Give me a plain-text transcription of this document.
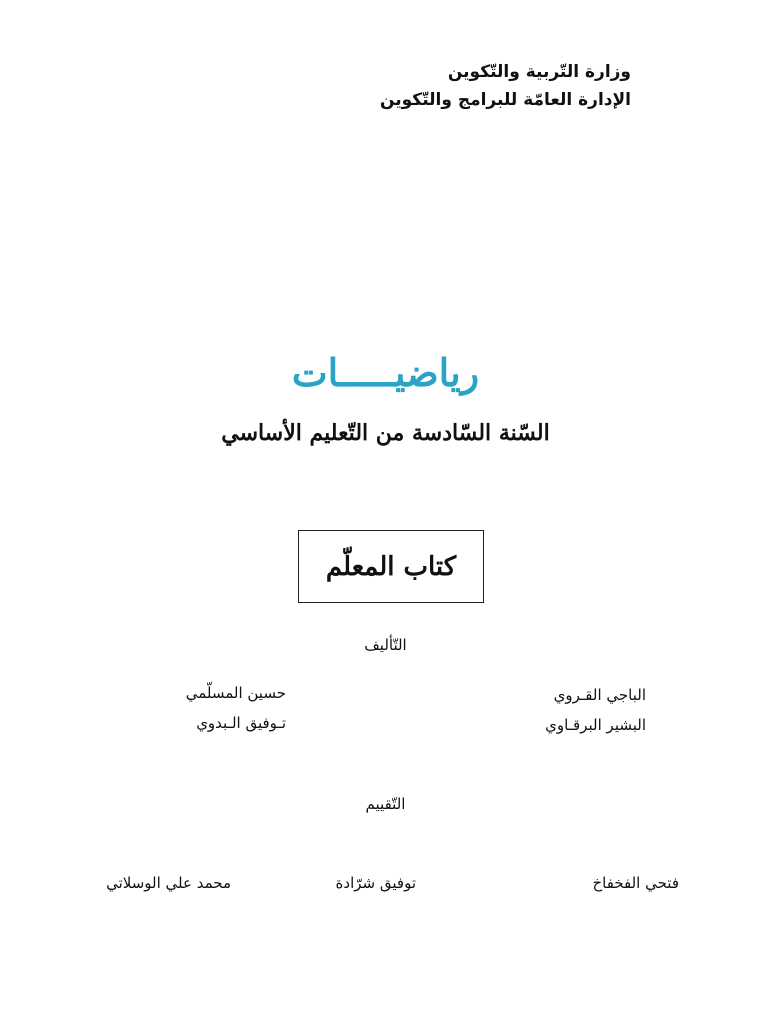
وزارة التّربية والتّكوين
الإدارة العامّة للبرامج والتّكوين
رياضيـــــات
السّنة السّادسة من التّعليم الأساسي
كتاب المعلّم
التّأليف
الباجي القـروي
البشير البرقـاوي
حسين المسلّمي
تـوفيق الـبدوي
التّقييم
فتحي الفخفاخ
توفيق شرّادة
محمد علي الوسلاتي
